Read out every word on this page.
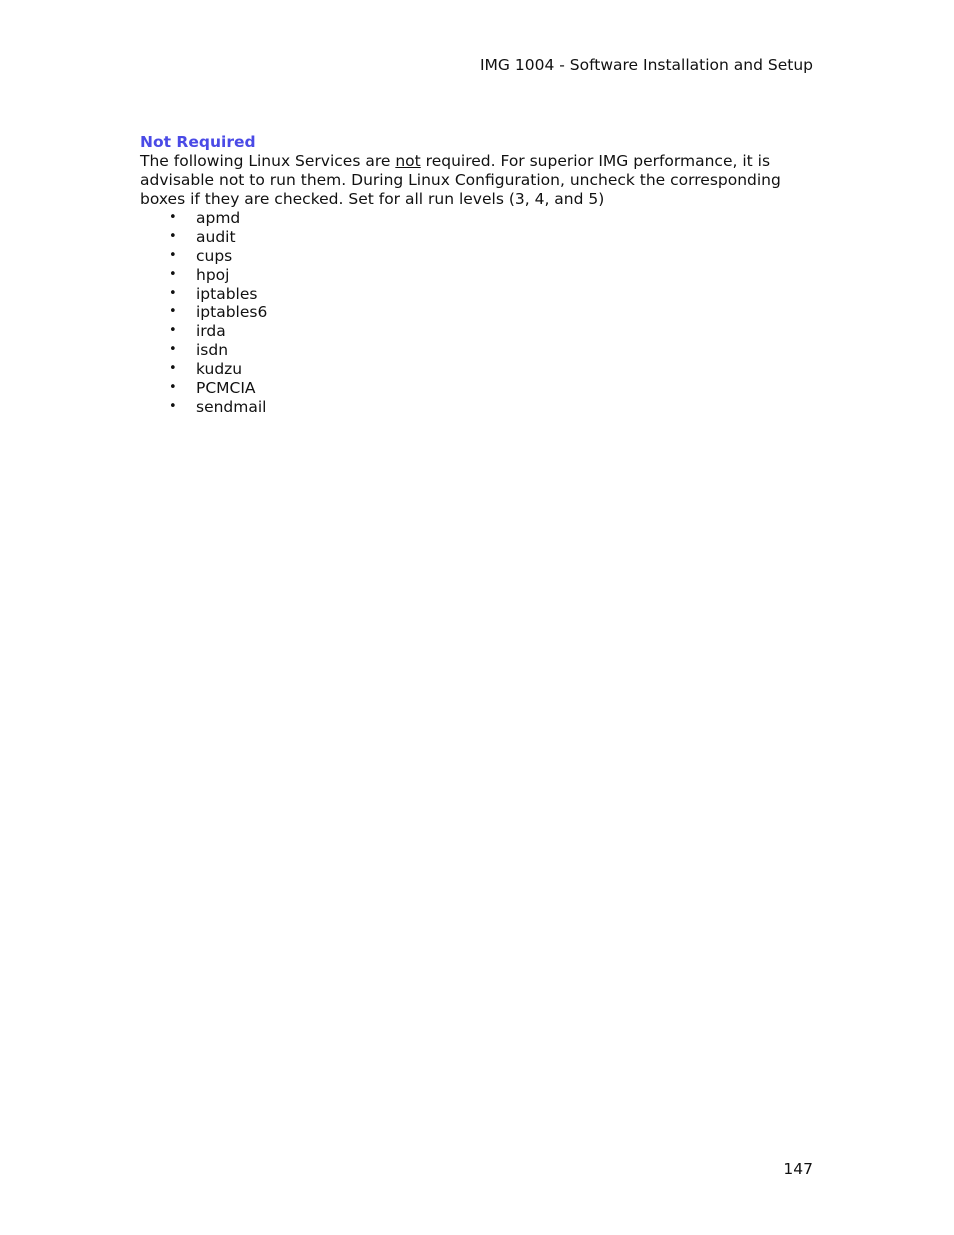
IMG 1004 - Software Installation and Setup
Not Required

The following Linux Services are not required. For superior IMG performance, it is advisable not to run them. During Linux Configuration, uncheck the corresponding boxes if they are checked. Set for all run levels (3, 4, and 5)

• apmd
• audit
• cups
• hpoj
• iptables
• iptables6
• irda
• isdn
• kudzu
• PCMCIA
• sendmail
147
